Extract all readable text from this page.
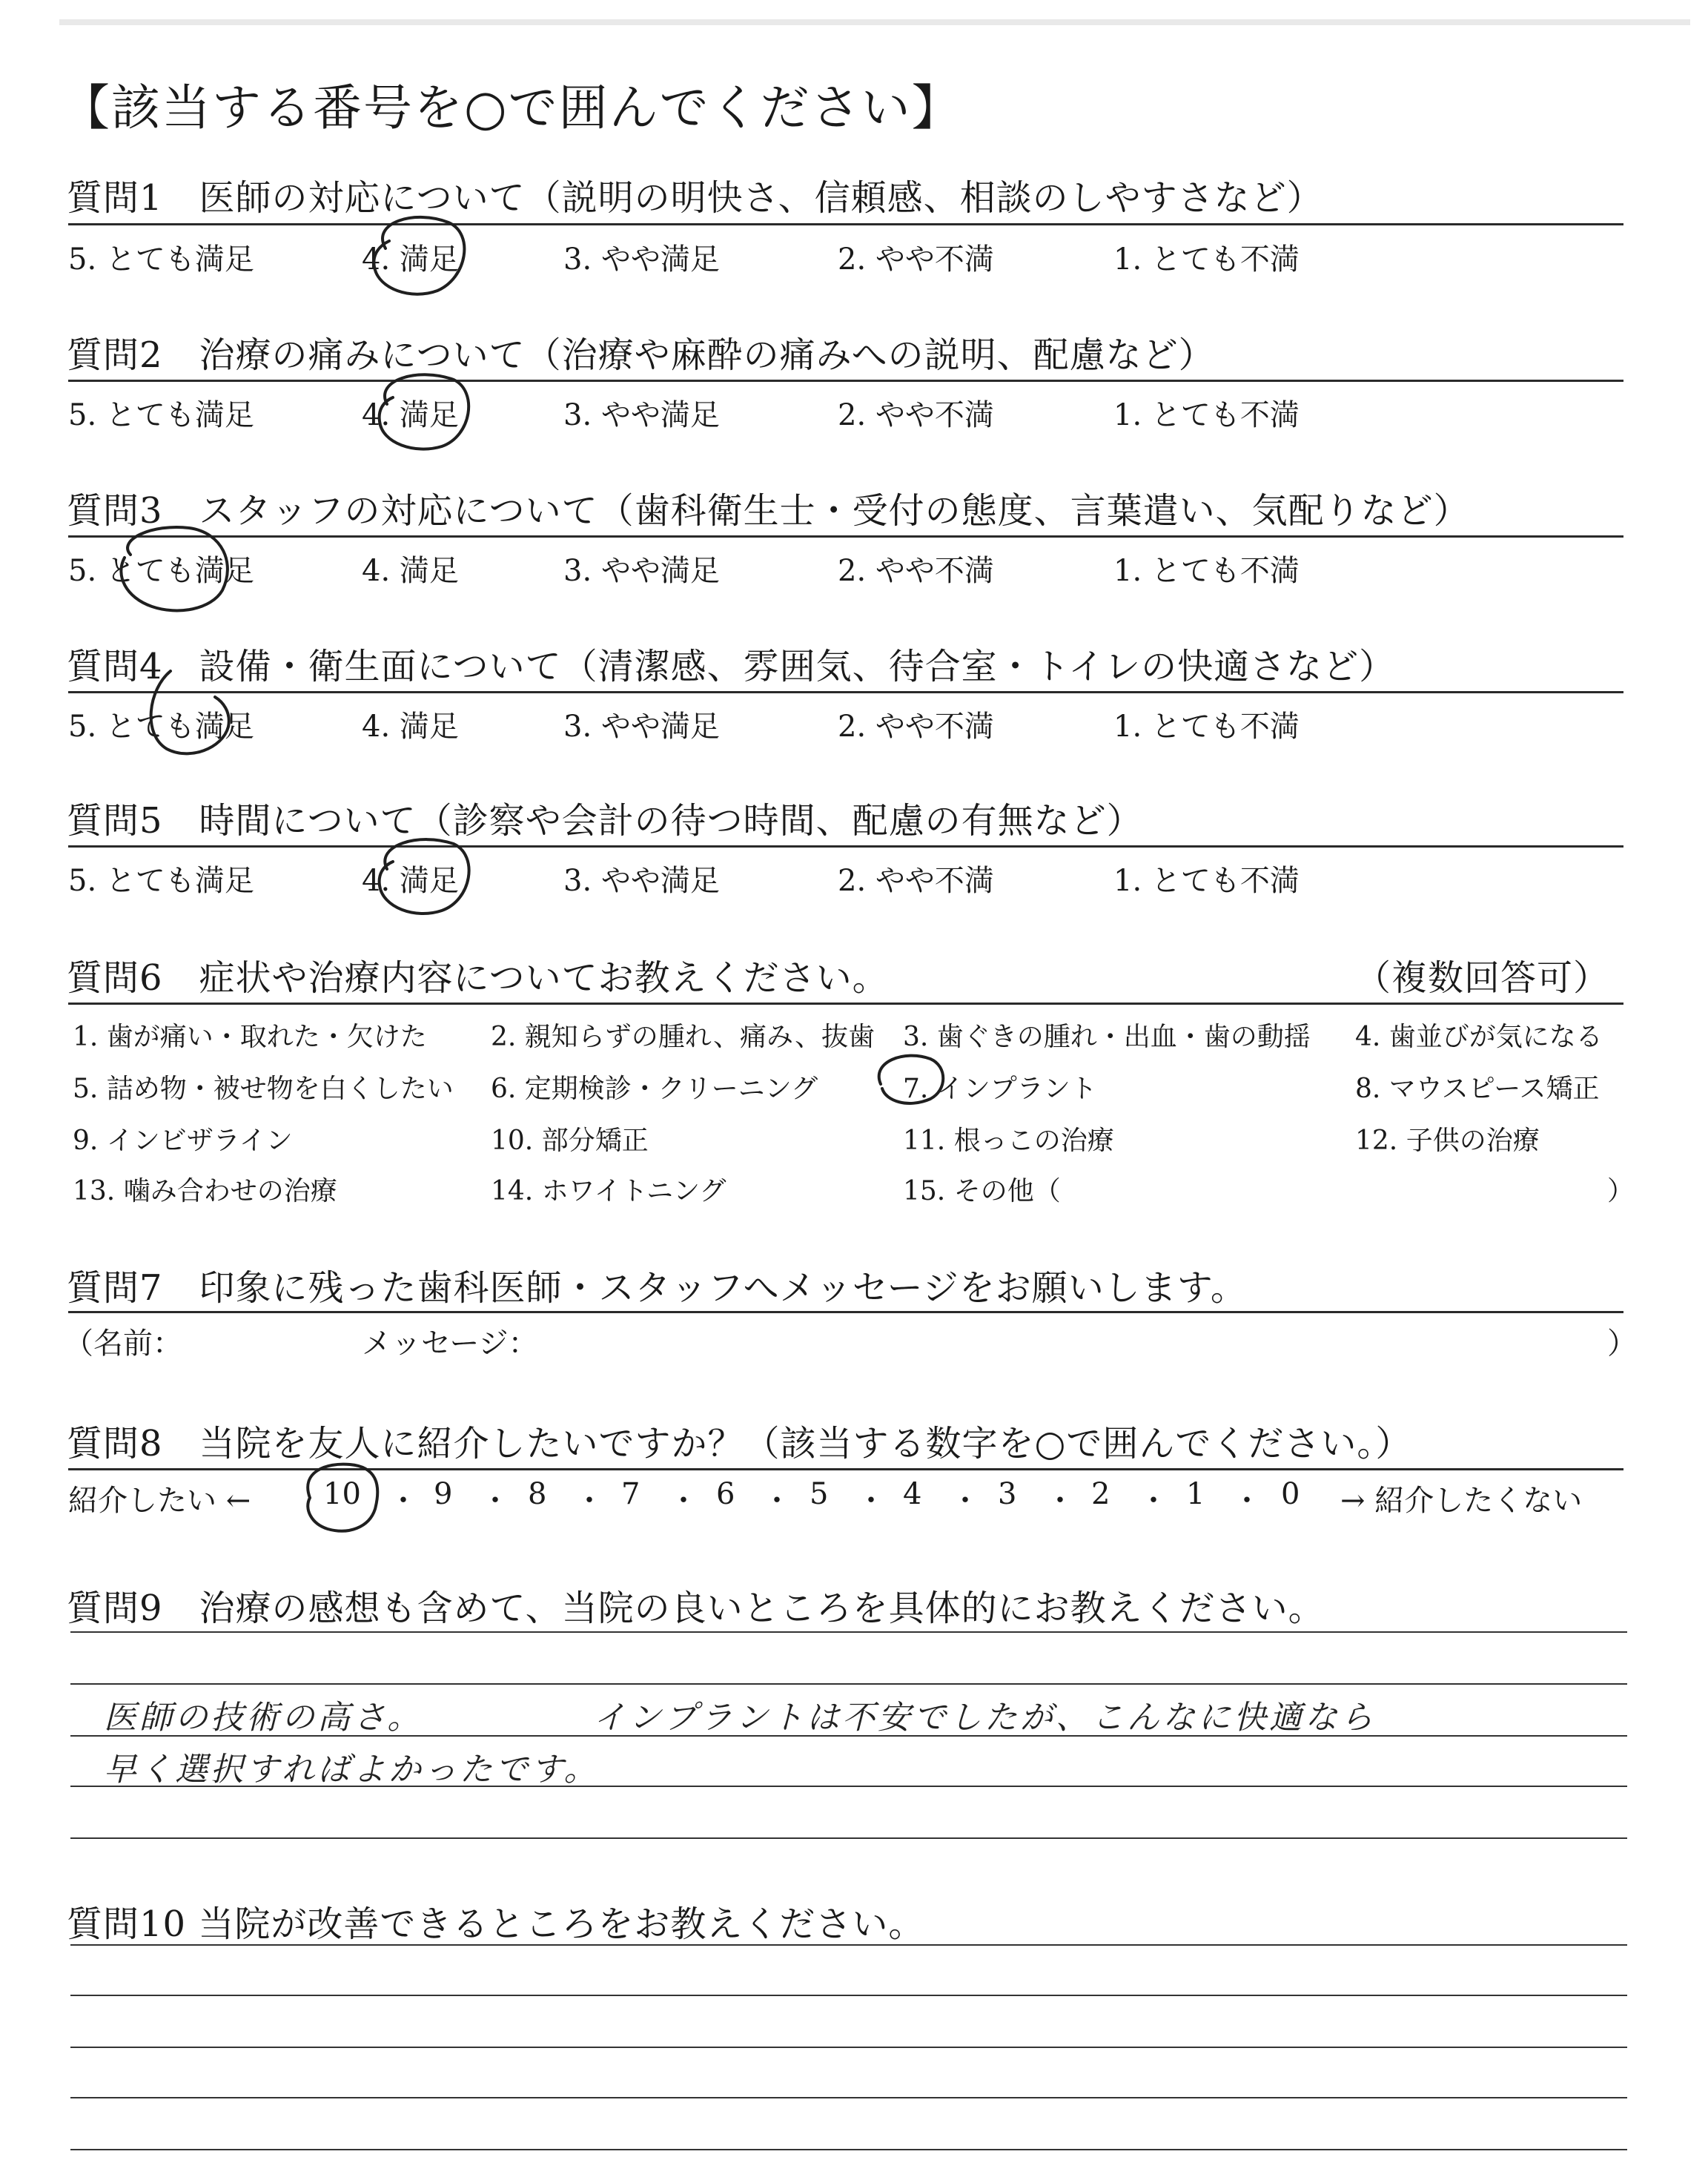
【該当する番号を○で囲んでください】
質問1　医師の対応について（説明の明快さ、信頼感、相談のしやすさなど）
5. とても満足	4. 満足	3. やや満足	2. やや不満	1. とても不満
質問2　治療の痛みについて（治療や麻酔の痛みへの説明、配慮など）
5. とても満足	4. 満足	3. やや満足	2. やや不満	1. とても不満
質問3　スタッフの対応について（歯科衛生士・受付の態度、言葉遣い、気配りなど）
5. とても満足	4. 満足	3. やや満足	2. やや不満	1. とても不満
質問4　設備・衛生面について（清潔感、雰囲気、待合室・トイレの快適さなど）
5. とても満足	4. 満足	3. やや満足	2. やや不満	1. とても不満
質問5　時間について（診察や会計の待つ時間、配慮の有無など）
5. とても満足	4. 満足	3. やや満足	2. やや不満	1. とても不満
質問6　症状や治療内容についてお教えください。	（複数回答可）
1. 歯が痛い・取れた・欠けた 2. 親知らずの腫れ、痛み、抜歯 3. 歯ぐきの腫れ・出血・歯の動揺 4. 歯並びが気になる
5. 詰め物・被せ物を白くしたい 6. 定期検診・クリーニング	7. インプラント	8. マウスピース矯正
9. インビザライン	10. 部分矯正	11. 根っこの治療	12. 子供の治療
13. 噛み合わせの治療	14. ホワイトニング	15. その他（	）
質問7　印象に残った歯科医師・スタッフへメッセージをお願いします。
（名前：	メッセージ：	）
質問8　当院を友人に紹介したいですか？（該当する数字を○で囲んでください。）
紹介したい ← 10 ・ 9 ・ 8 ・ 7 ・ 6 ・ 5 ・ 4 ・ 3 ・ 2 ・ 1 ・ 0 → 紹介したくない
質問9　治療の感想も含めて、当院の良いところを具体的にお教えください。
医師の技術の高さ。	インプラントは不安でしたが、こんなに快適なら
早く選択すればよかったです。
質問10 当院が改善できるところをお教えください。
